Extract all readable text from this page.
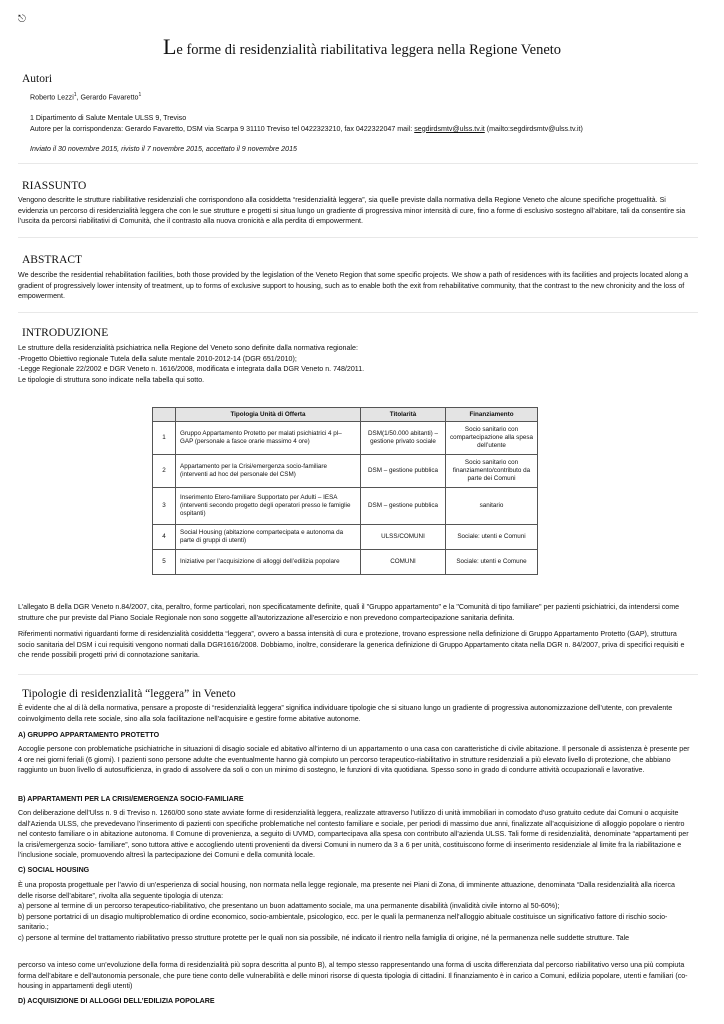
⎋
Le forme di residenzialità riabilitativa leggera nella Regione Veneto
Autori

Roberto Lezzi$^1$, Gerardo Favaretto$^1$

1 Dipartimento di Salute Mentale ULSS 9, Treviso

Autore per la corrispondenza: Gerardo Favaretto, DSM via Scarpa 9 31110 Treviso tel 0422323210, fax 0422322047 mail: segdirdsmtv@ulss.tv.it (mailto:segdirdsmtv@ulss.tv.it)

Inviato il 30 novembre 2015, rivisto il 7 novembre 2015, accettato il 9 novembre 2015

RIASSUNTO
Vengono descritte le strutture riabilitative residenziali che corrispondono alla cosiddetta “residenzialità leggera”, sia quelle previste dalla normativa della Regione Veneto che alcune specifiche progettualità. Si evidenzia un percorso di residenzialità leggera che con le sue strutture e progetti si situa lungo un gradiente di progressiva minor intensità di cure, fino a forme di esclusivo sostegno all’abitare, tali da consentire sia l’uscita da percorsi riabilitativi di Comunità, che il contrasto alla nuova cronicità e alla perdita di empowerment.
ABSTRACT
We describe the residential rehabilitation facilities, both those provided by the legislation of the Veneto Region that some specific projects. We show a path of residences with its facilities and projects located along a gradient of progressively lower intensity of treatment, up to forms of exclusive support to housing, such as to enable both the exit from rehabilitative community, that the contrast to the new chronicity and the loss of empowerment.
INTRODUZIONE

Le strutture della residenzialità psichiatrica nella Regione del Veneto sono definite dalla normativa regionale:

-Progetto Obiettivo regionale Tutela della salute mentale 2010-2012-14 (DGR 651/2010);

-Legge Regionale 22/2002 e DGR Veneto n. 1616/2008, modificata e integrata dalla DGR Veneto n. 748/2011.

Le tipologie di struttura sono indicate nella tabella qui sotto.

	Tipologia Unità di Offerta	Titolarità	Finanziamento
1	Gruppo Appartamento Protetto per malati psichiatrici 4 pl– GAP (personale a fasce orarie massimo 4 ore)	DSM(1/50.000 abitanti) – gestione privato sociale	Socio sanitario con compartecipazione alla spesa dell’utente
2	Appartamento per la Crisi/emergenza socio-familiare (interventi ad hoc del personale del CSM)	DSM – gestione pubblica	Socio sanitario con finanziamento/contributo da parte dei Comuni
3	Inserimento Etero-familiare Supportato per Adulti – IESA (interventi secondo progetto degli operatori presso le famiglie ospitanti)	DSM – gestione pubblica	sanitario
4	Social Housing (abitazione compartecipata e autonoma da parte di gruppi di utenti)	ULSS/COMUNI	Sociale: utenti e Comuni
5	Iniziative per l’acquisizione di alloggi dell’edilizia popolare	COMUNI	Sociale: utenti e Comune

L’allegato B della DGR Veneto n.84/2007, cita, peraltro, forme particolari, non specificatamente definite, quali il "Gruppo appartamento" e la "Comunità di tipo familiare" per pazienti psichiatrici, da intendersi come strutture che pur previste dal Piano Sociale Regionale non sono soggette all'autorizzazione all'esercizio e non prevedono compartecipazione sanitaria definita.

Riferimenti normativi riguardanti forme di residenzialità cosiddetta “leggera”, ovvero a bassa intensità di cura e protezione, trovano espressione nella definizione di Gruppo Appartamento Protetto (GAP), struttura socio sanitaria del DSM i cui requisiti vengono normati dalla DGR1616/2008. Dobbiamo, inoltre, considerare la generica definizione di Gruppo Appartamento citata nella DGR n. 84/2007, priva di specifici requisiti e che rende possibili progetti privi di connotazione sanitaria.

Tipologie di residenzialità “leggera” in Veneto
È evidente che al di là della normativa, pensare a proposte di “residenzialità leggera” significa individuare tipologie che si situano lungo un gradiente di progressiva autonomizzazione dell’utente, con prevalente coinvolgimento della rete sociale, sino alla sola facilitazione nell’acquisire e gestire forme abitative autonome.
A) GRUPPO APPARTAMENTO PROTETTO
Accoglie persone con problematiche psichiatriche in situazioni di disagio sociale ed abitativo all’interno di un appartamento o una casa con caratteristiche di civile abitazione. Il personale di assistenza è presente per 4 ore nei giorni feriali (6 giorni). I pazienti sono persone adulte che eventualmente hanno già compiuto un percorso terapeutico-riabilitativo in strutture residenziali a più elevato livello di protezione, che abbiano raggiunto un buon livello di autosufficienza, in grado di assolvere da soli o con un minimo di sostegno, le funzioni di vita quotidiana. Spesso sono in grado di condurre attività occupazionali e lavorative.
B) APPARTAMENTI PER LA CRISI/EMERGENZA SOCIO-FAMILIARE
Con deliberazione dell’Ulss n. 9 di Treviso n. 1260/00 sono state avviate forme di residenzialità leggera, realizzate attraverso l’utilizzo di unità immobiliari in comodato d’uso gratuito cedute dai Comuni o acquisite dall’Azienda ULSS, che prevedevano l’inserimento di pazienti con specifiche problematiche nel contesto familiare e sociale, per periodi di massimo due anni, finalizzate all’acquisizione di alloggio popolare o rientro nel contesto familiare o in abitazione autonoma. Il Comune di provenienza, a seguito di UVMD, compartecipava alla spesa con contributo all’azienda ULSS. Tali forme di residenzialità, denominate “appartamenti per la crisi/emergenza socio- familiare”, sono tuttora attive e accogliendo utenti provenienti da diversi Comuni in numero da 3 a 6 per unità, costituiscono forme di inserimento residenziale al limite fra la riabilitazione e l’inclusione sociale, promuovendo altresì la partecipazione dei Comuni e della comunità locale.
C) SOCIAL HOUSING

È una proposta progettuale per l’avvio di un’esperienza di social housing, non normata nella legge regionale, ma presente nei Piani di Zona, di imminente attuazione, denominata “Dalla residenzialità alla ricerca delle risorse dell’abitare”, rivolta alla seguente tipologia di utenza:

a) persone al termine di un percorso terapeutico-riabilitativo, che presentano un buon adattamento sociale, ma una permanente disabilità (invalidità civile intorno al 50-60%);

b) persone portatrici di un disagio multiproblematico di ordine economico, socio-ambientale, psicologico, ecc. per le quali la permanenza nell’alloggio abituale costituisce un significativo fattore di rischio socio-sanitario.;

c) persone al termine del trattamento riabilitativo presso strutture protette per le quali non sia possibile, né indicato il rientro nella famiglia di origine, né la permanenza nelle suddette strutture. Tale

percorso va inteso come un’evoluzione della forma di residenzialità più sopra descritta al punto B), al tempo stesso rappresentando una forma di uscita differenziata dal percorso riabilitativo verso una più compiuta forma dell’abitare e dell’autonomia personale, che pure tiene conto delle vulnerabilità e delle minori risorse di questa tipologia di cittadini. Il finanziamento è in carico a Comuni, edilizia popolare, utenti e familiari (co-housing in appartamenti degli utenti)
D) ACQUISIZIONE DI ALLOGGI DELL’EDILIZIA POPOLARE
